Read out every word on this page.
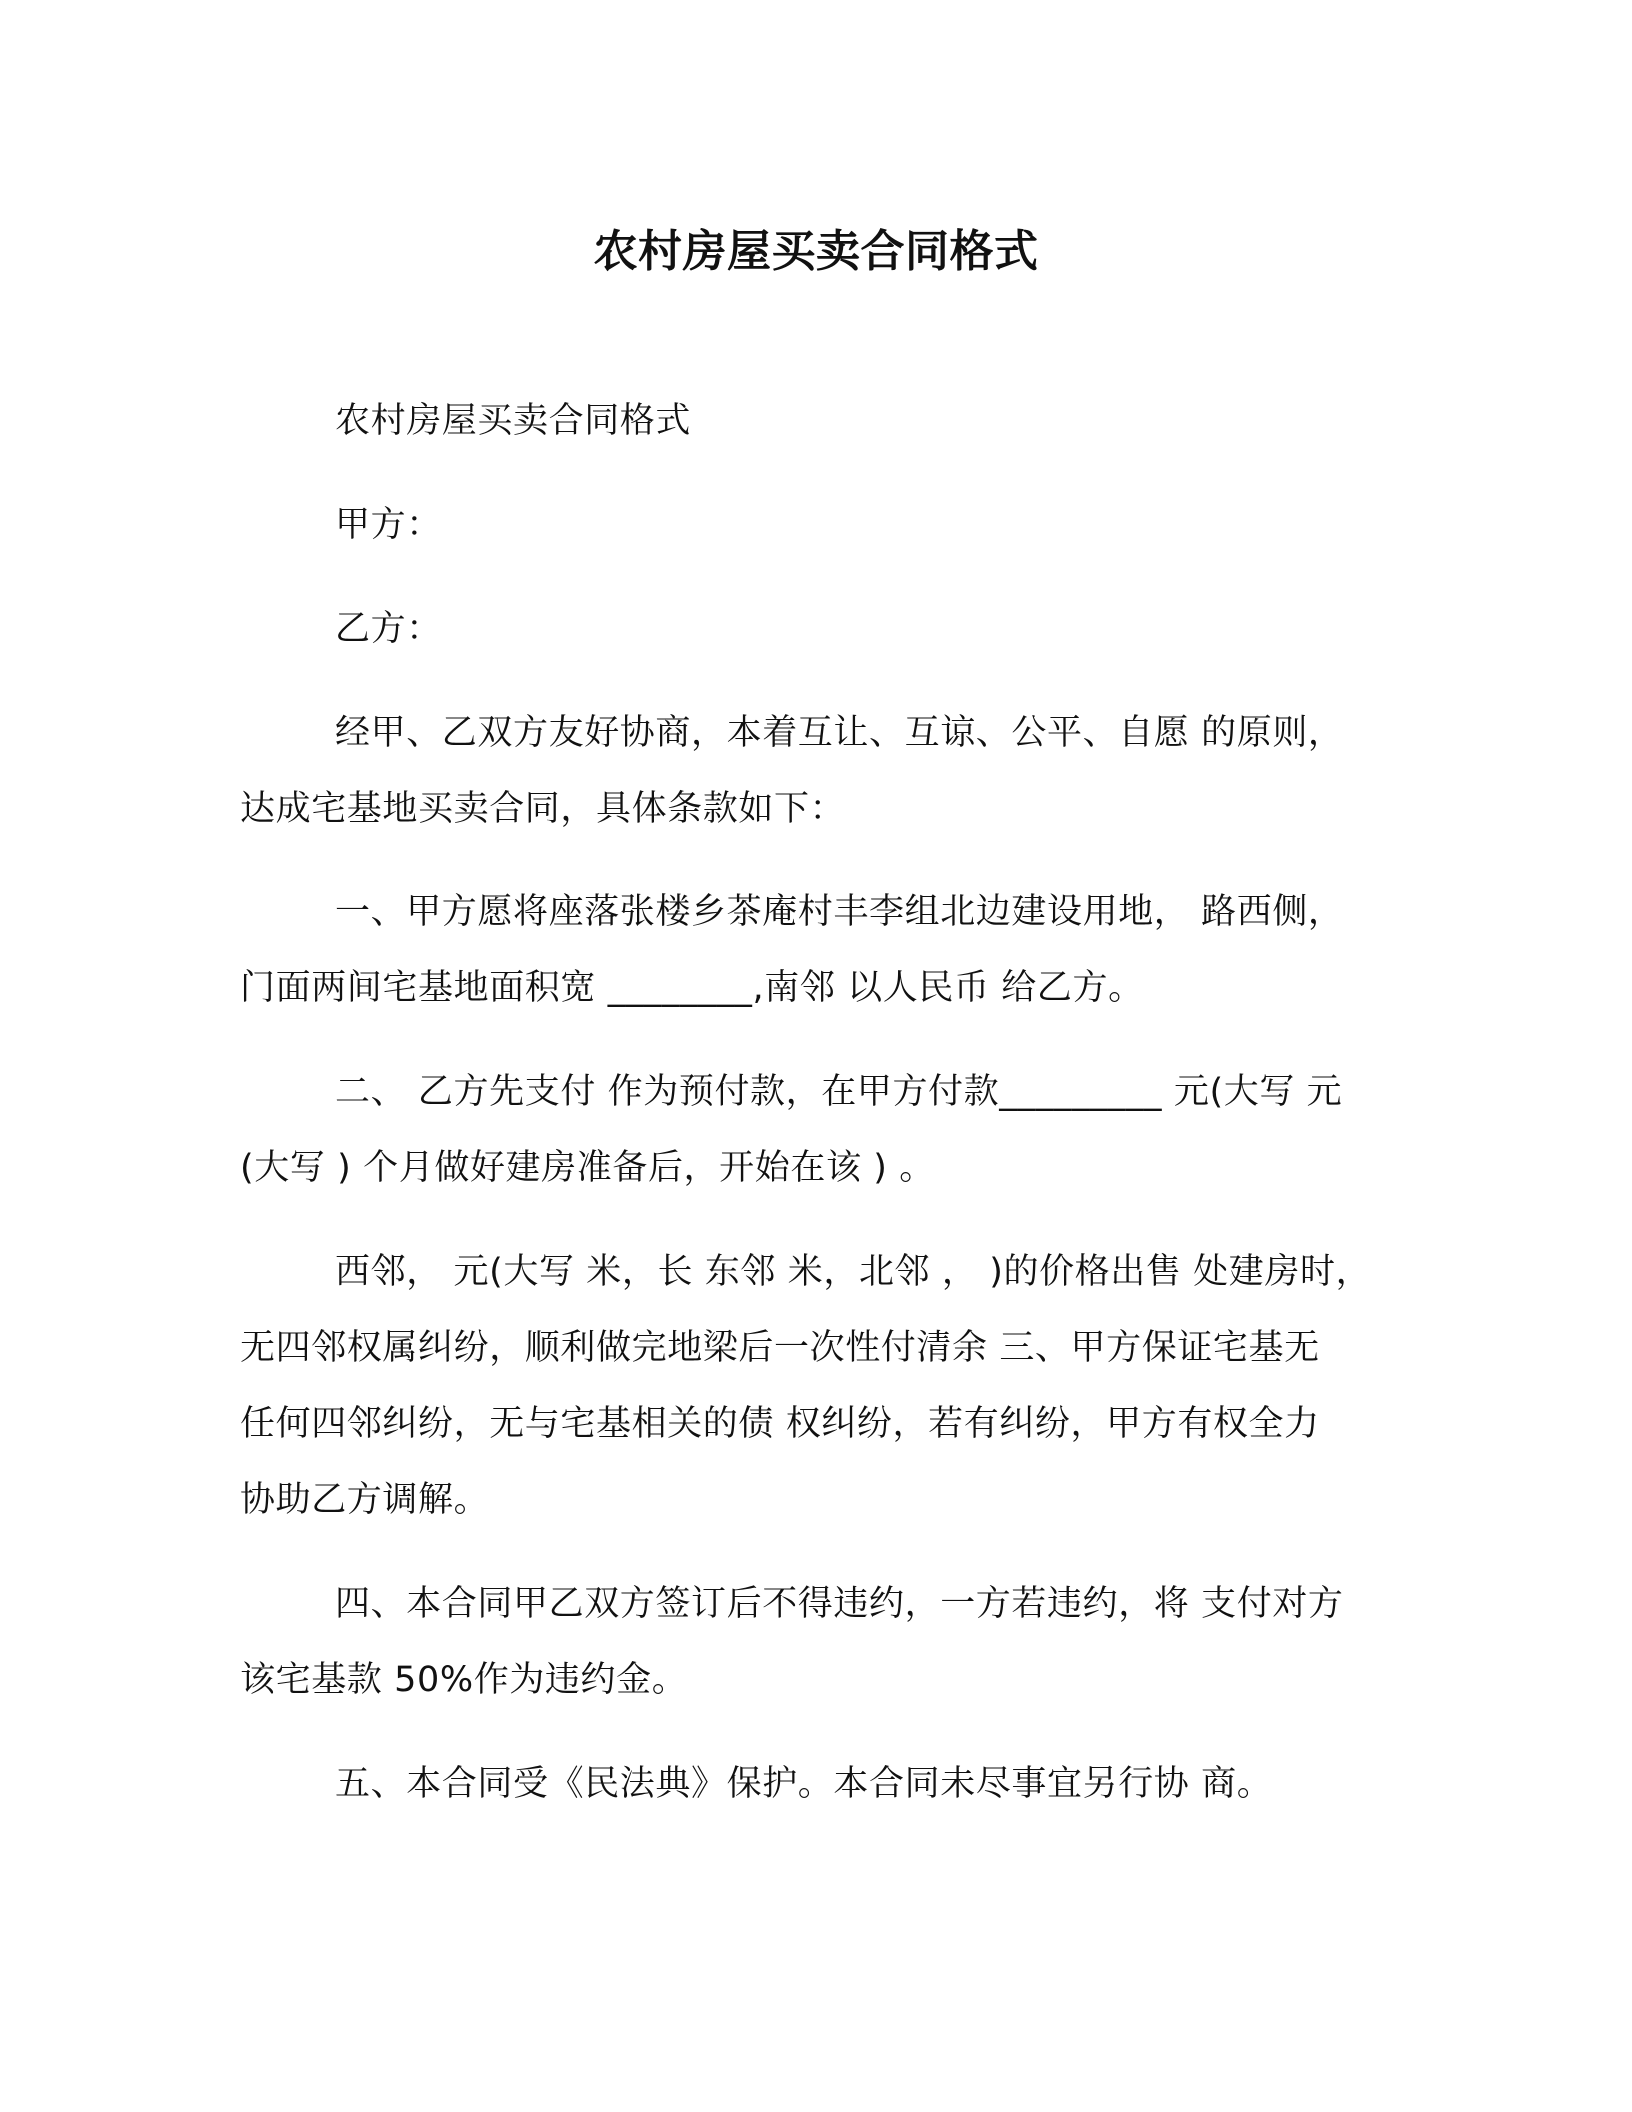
农村房屋买卖合同格式
农村房屋买卖合同格式
甲方：
乙方：
经甲、乙双方友好协商，本着互让、互谅、公平、自愿 的原则，
达成宅基地买卖合同，具体条款如下：
一、甲方愿将座落张楼乡茶庵村丰李组北边建设用地， 路西侧，
门面两间宅基地面积宽 ________,南邻 以人民币 给乙方。
二、 乙方先支付 作为预付款，在甲方付款_________ 元(大写 元
(大写 ) 个月做好建房准备后，开始在该 ) 。
西邻， 元(大写 米，长 东邻 米，北邻 ， )的价格出售 处建房时，
无四邻权属纠纷，顺利做完地梁后一次性付清余 三、甲方保证宅基无
任何四邻纠纷，无与宅基相关的债 权纠纷，若有纠纷，甲方有权全力
协助乙方调解。
四、本合同甲乙双方签订后不得违约，一方若违约，将 支付对方
该宅基款 50%作为违约金。
五、本合同受《民法典》保护。本合同未尽事宜另行协 商。
